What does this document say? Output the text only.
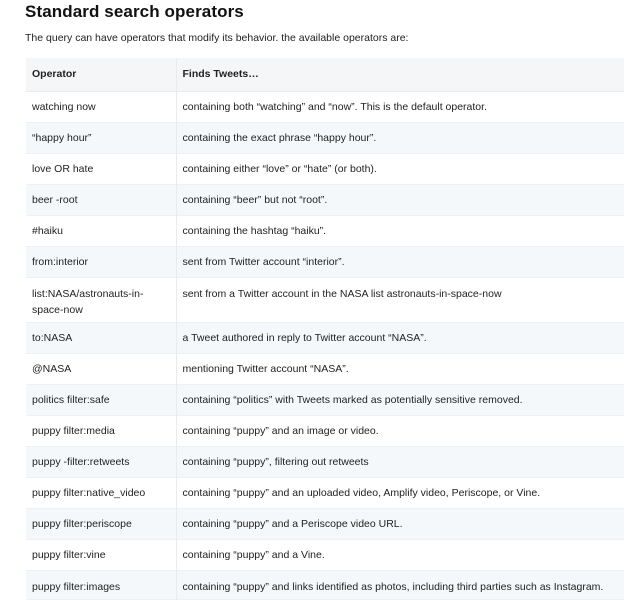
Standard search operators

The query can have operators that modify its behavior. the available operators are:

Operator	Finds Tweets…
watching now	containing both “watching” and “now”. This is the default operator.
“happy hour”	containing the exact phrase “happy hour”.
love OR hate	containing either “love” or “hate” (or both).
beer -root	containing “beer” but not “root”.
#haiku	containing the hashtag “haiku”.
from:interior	sent from Twitter account “interior”.
list:NASA/astronauts-in-space-now	sent from a Twitter account in the NASA list astronauts-in-space-now
to:NASA	a Tweet authored in reply to Twitter account “NASA”.
@NASA	mentioning Twitter account “NASA”.
politics filter:safe	containing “politics” with Tweets marked as potentially sensitive removed.
puppy filter:media	containing “puppy” and an image or video.
puppy -filter:retweets	containing “puppy”, filtering out retweets
puppy filter:native_video	containing “puppy” and an uploaded video, Amplify video, Periscope, or Vine.
puppy filter:periscope	containing “puppy” and a Periscope video URL.
puppy filter:vine	containing “puppy” and a Vine.
puppy filter:images	containing “puppy” and links identified as photos, including third parties such as Instagram.
